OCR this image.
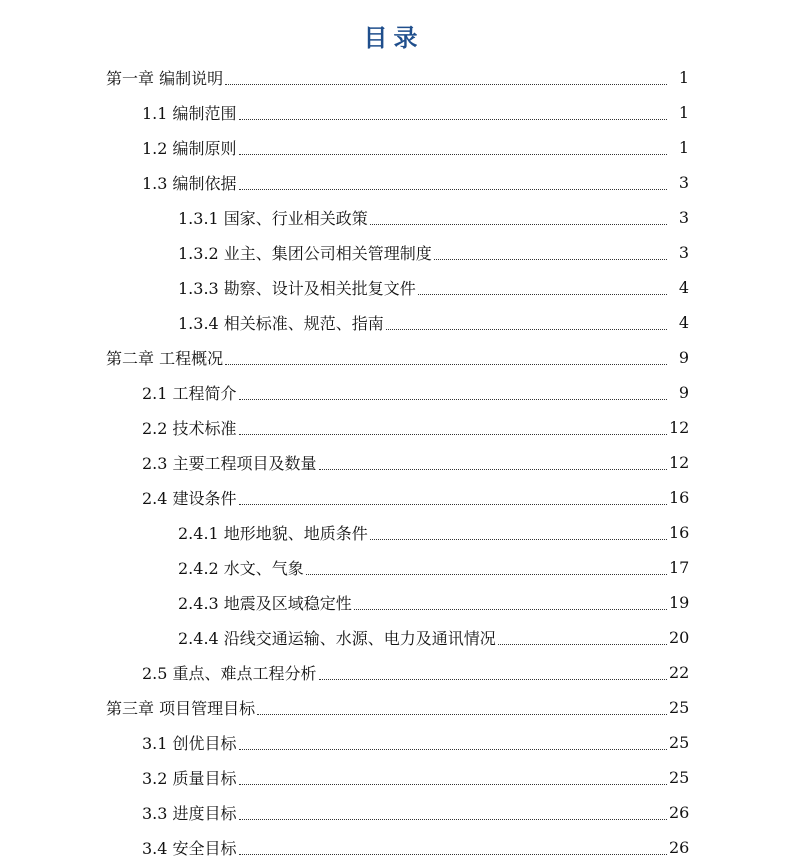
目录
第一章 编制说明	1
1.1 编制范围	1
1.2 编制原则	1
1.3 编制依据	3
1.3.1 国家、行业相关政策	3
1.3.2 业主、集团公司相关管理制度	3
1.3.3 勘察、设计及相关批复文件	4
1.3.4 相关标准、规范、指南	4
第二章 工程概况	9
2.1 工程简介	9
2.2 技术标准	12
2.3 主要工程项目及数量	12
2.4 建设条件	16
2.4.1 地形地貌、地质条件	16
2.4.2 水文、气象	17
2.4.3 地震及区域稳定性	19
2.4.4 沿线交通运输、水源、电力及通讯情况	20
2.5 重点、难点工程分析	22
第三章 项目管理目标	25
3.1 创优目标	25
3.2 质量目标	25
3.3 进度目标	26
3.4 安全目标	26
